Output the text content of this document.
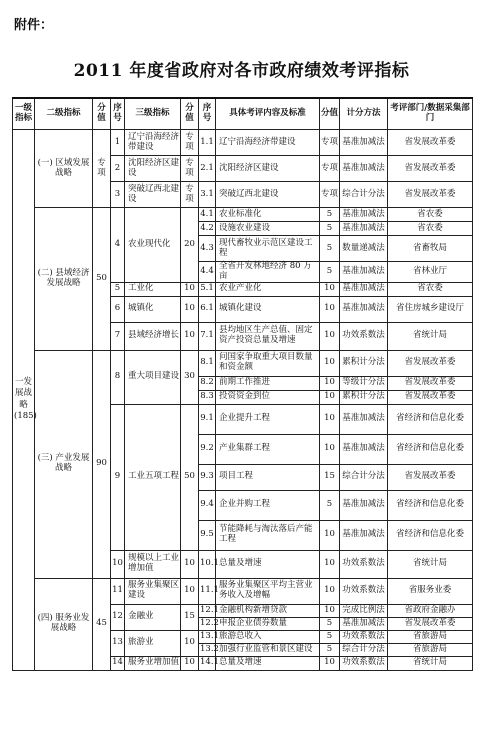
附件：
2011 年度省政府对各市政府绩效考评指标
一级指标	二级指标	分值	序号	三级指标	分值	序号	具体考评内容及标准	分值	计分方法	考评部门/数据采集部门
一发展战略(185)	(一) 区域发展战略	专项	1	辽宁沿海经济带建设	专项	1.1	辽宁沿海经济带建设	专项	基准加减法	省发展改革委
			2	沈阳经济区建设	专项	2.1	沈阳经济区建设	专项	基准加减法	省发展改革委
			3	突破辽西北建设	专项	3.1	突破辽西北建设	专项	综合计分法	省发展改革委
	(二) 县域经济发展战略	50	4	农业现代化	20	4.1	农业标准化	5	基准加减法	省农委
						4.2	设施农业建设	5	基准加减法	省农委
						4.3	现代畜牧业示范区建设工程	5	数量递减法	省畜牧局
						4.4	全省开发林地经济 80 万亩	5	基准加减法	省林业厅
			5	工业化	10	5.1	农业产业化	10	基准加减法	省农委
			6	城镇化	10	6.1	城镇化建设	10	基准加减法	省住房城乡建设厅
			7	县域经济增长	10	7.1	县均地区生产总值、固定资产投资总量及增速	10	功效系数法	省统计局
	(三) 产业发展战略	90	8	重大项目建设	30	8.1	问国家争取重大项目数量和资金额	10	累积计分法	省发展改革委
						8.2	前期工作推进	10	等级计分法	省发展改革委
						8.3	投资资金到位	10	累积计分法	省发展改革委
			9	工业五项工程	50	9.1	企业提升工程	10	基准加减法	省经济和信息化委
						9.2	产业集群工程	10	基准加减法	省经济和信息化委
						9.3	项目工程	15	综合计分法	省发展改革委
						9.4	企业并购工程	5	基准加减法	省经济和信息化委
						9.5	节能降耗与淘汰落后产能工程	10	基准加减法	省经济和信息化委
			10	规模以上工业增加值	10	10.1	总量及增速	10	功效系数法	省统计局
	(四) 服务业发展战略	45	11	服务业集聚区建设	10	11.1	服务业集聚区平均主营业务收入及增幅	10	功效系数法	省服务业委
			12	金融业	15	12.1	金融机构新增贷款	10	完成比例法	省政府金融办
						12.2	申报企业债券数量	5	基准加减法	省发展改革委
			13	旅游业	10	13.1	旅游总收入	5	功效系数法	省旅游局
						13.2	加强行业监管和景区建设	5	综合计分法	省旅游局
			14	服务业增加值	10	14.1	总量及增速	10	功效系数法	省统计局
